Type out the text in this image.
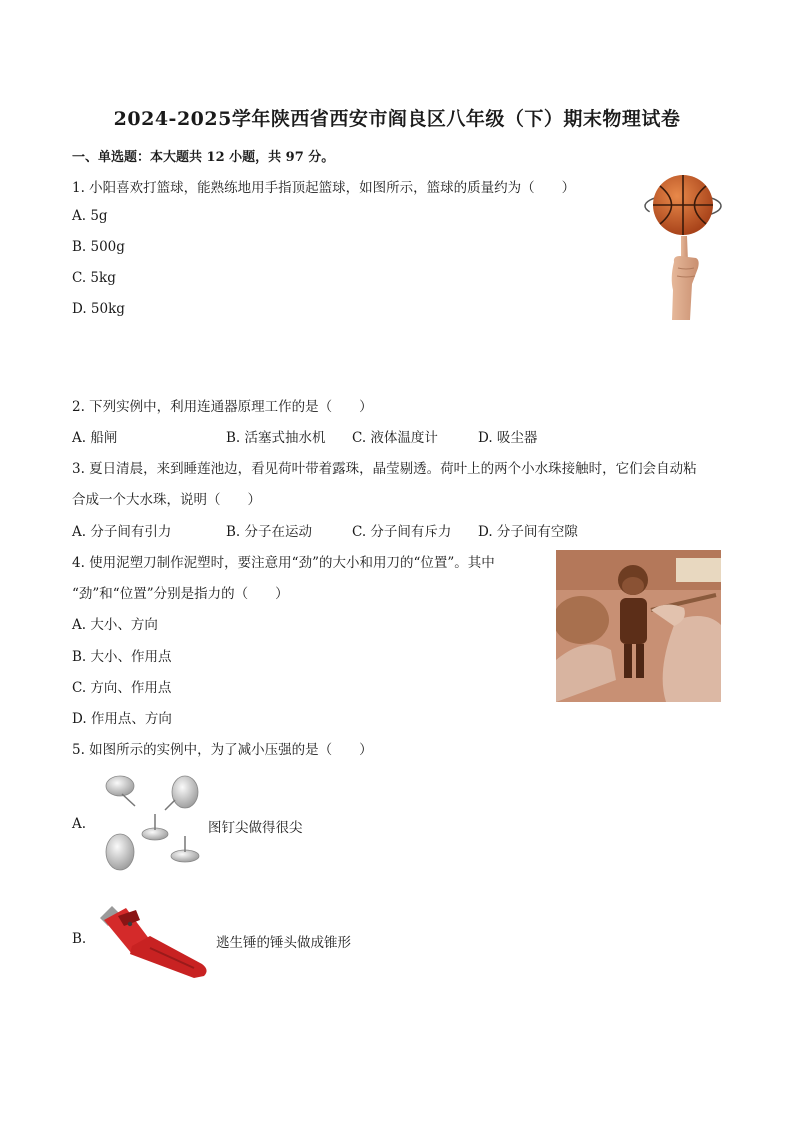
2024-2025学年陕西省西安市阎良区八年级（下）期末物理试卷
一、单选题：本大题共 12 小题，共 97 分。
1. 小阳喜欢打篮球，能熟练地用手指顶起篮球，如图所示，篮球的质量约为（　　）
A. 5g
B. 500g
C. 5kg
D. 50kg
2. 下列实例中，利用连通器原理工作的是（　　）
A. 船闸	B. 活塞式抽水机 C. 液体温度计	D. 吸尘器
3. 夏日清晨，来到睡莲池边，看见荷叶带着露珠，晶莹剔透。荷叶上的两个小水珠接触时，它们会自动粘
合成一个大水珠，说明（　　）
A. 分子间有引力	B. 分子在运动	C. 分子间有斥力 D. 分子间有空隙
4. 使用泥塑刀制作泥塑时，要注意用“劲”的大小和用刀的“位置”。其中
“劲”和“位置”分别是指力的（　　）
A. 大小、方向
B. 大小、作用点
C. 方向、作用点
D. 作用点、方向
5. 如图所示的实例中，为了减小压强的是（　　）
A.	图钉尖做得很尖
B.	逃生锤的锤头做成锥形
